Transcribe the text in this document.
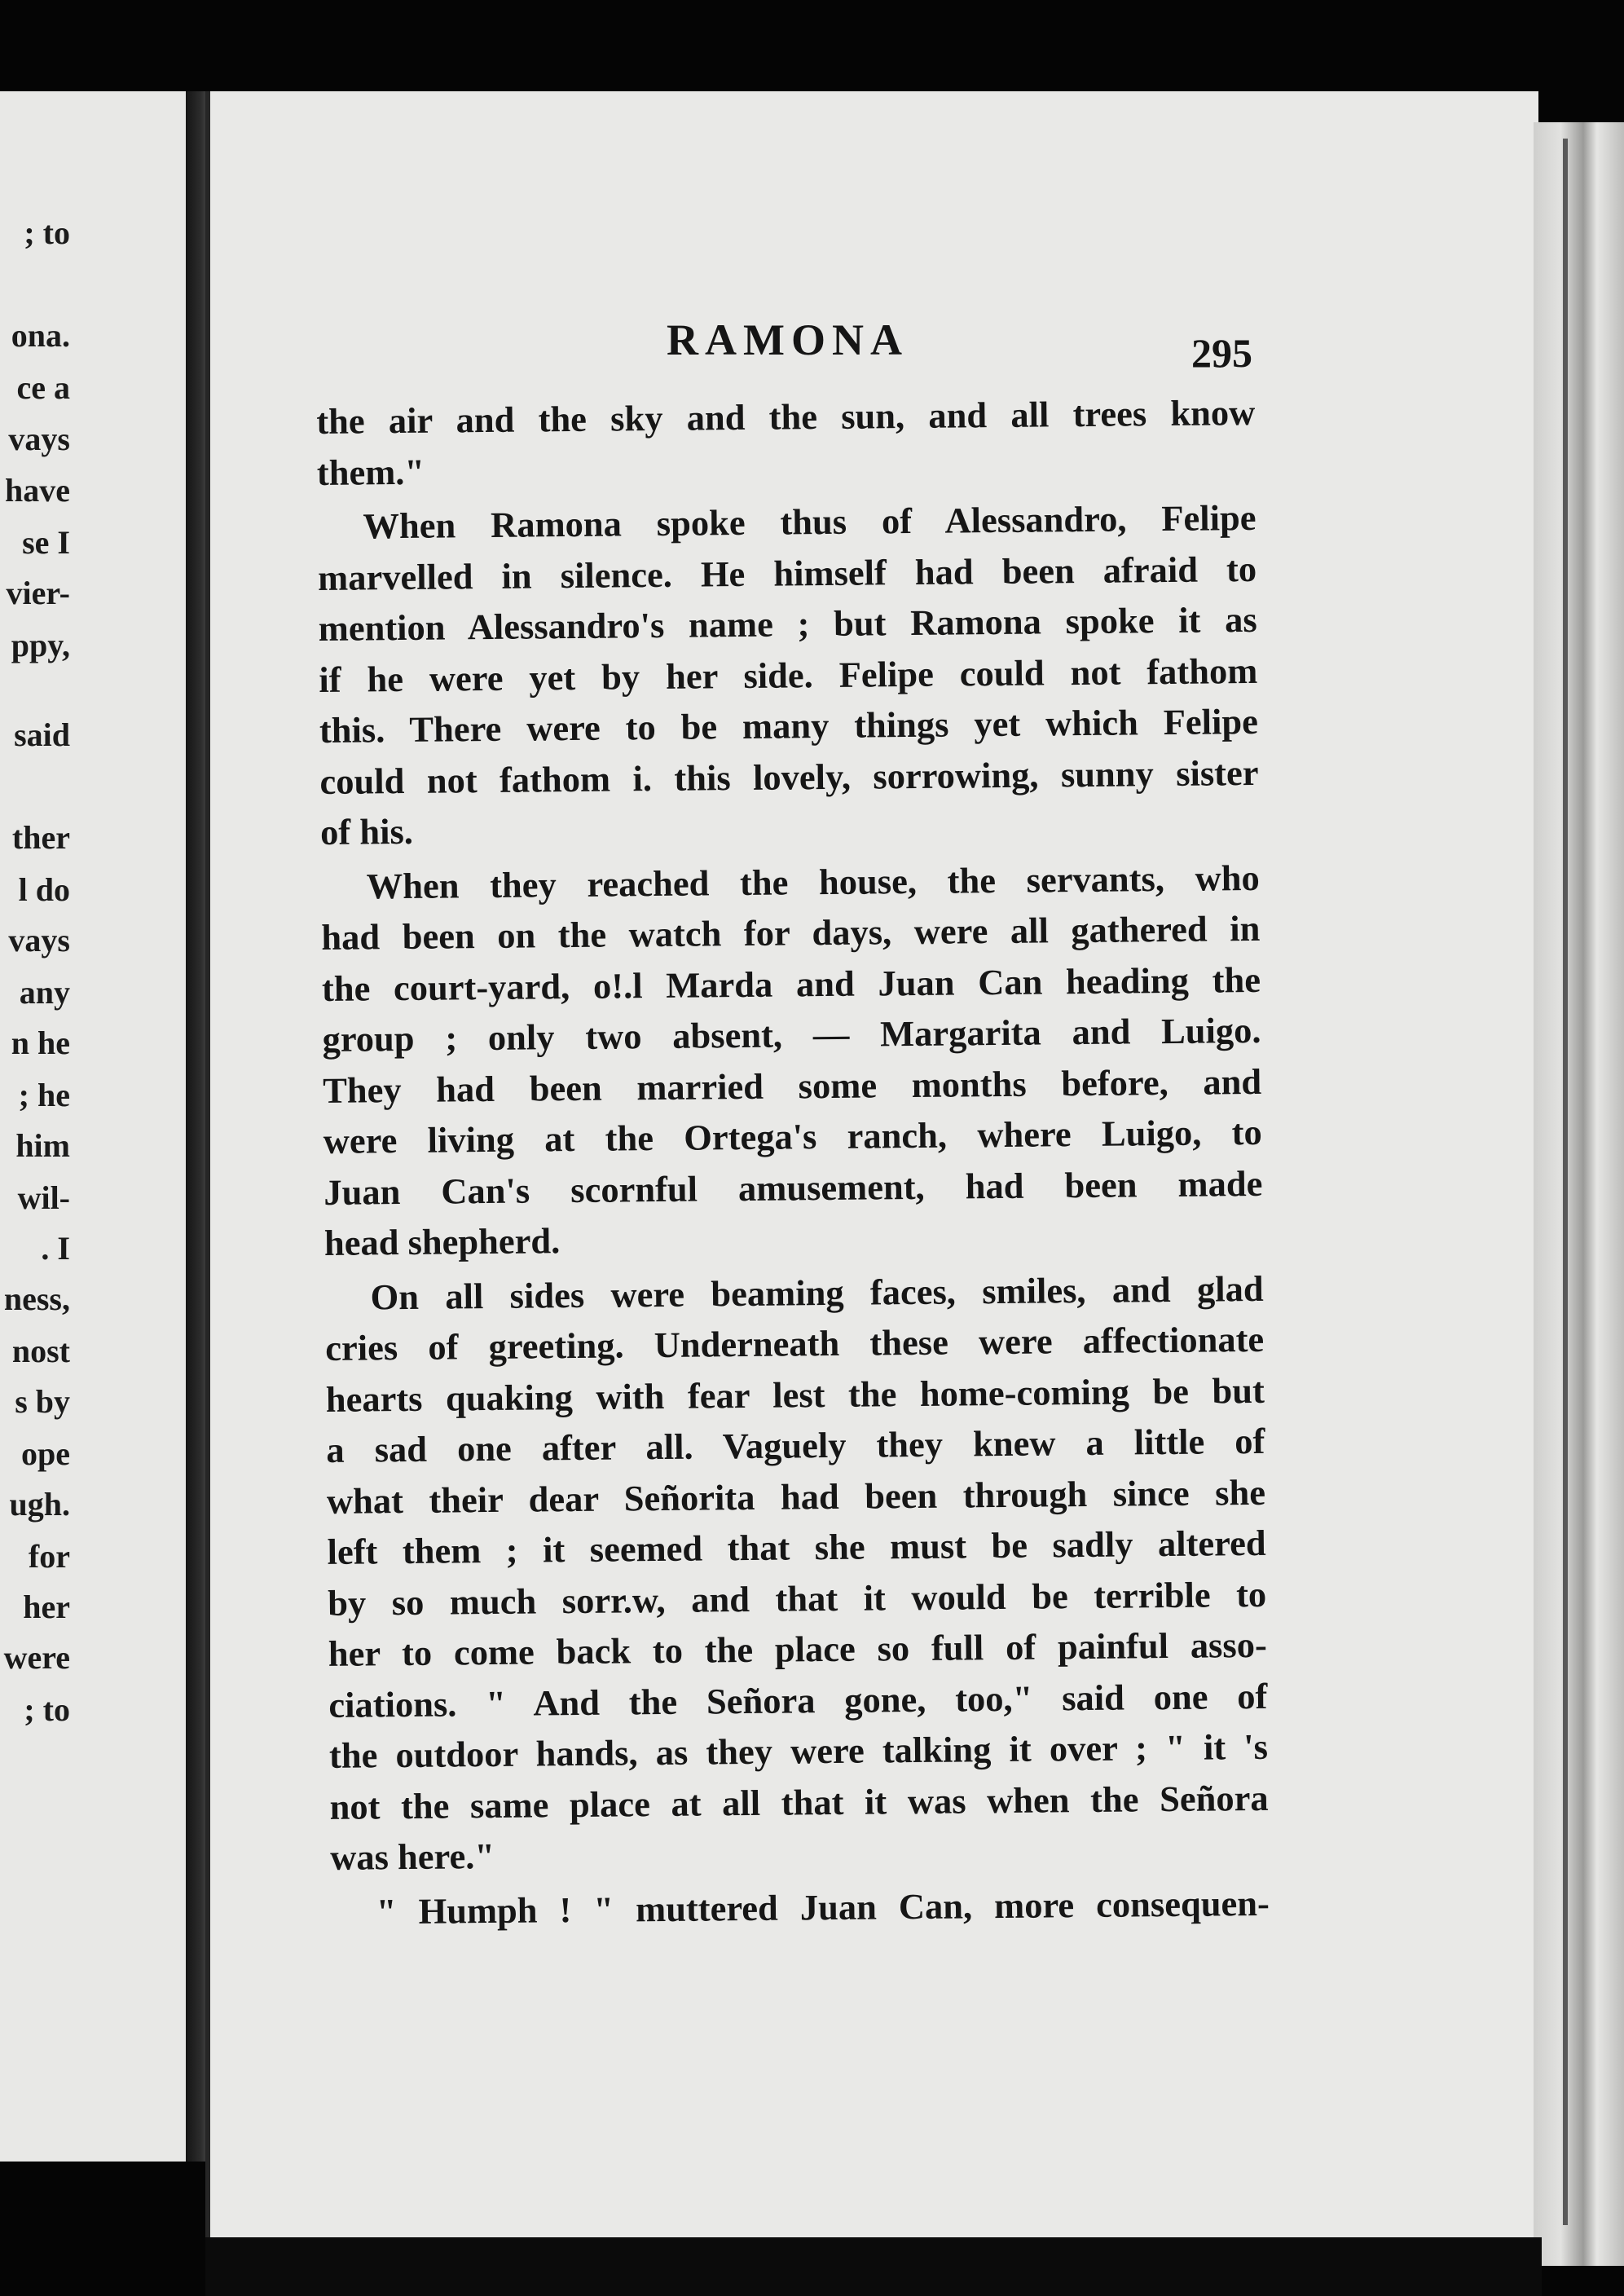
; to
ona.
ce a
vays
have
se I
vier-
ppy,
said
ther
l do
vays
any
n he
; he
him
wil-
. I
ness,
nost
s by
ope
ugh.
for
her
were
; to
RAMONA	295
the air and the sky and the sun, and all trees know
them."
When Ramona spoke thus of Alessandro, Felipe
marvelled in silence. He himself had been afraid to
mention Alessandro's name ; but Ramona spoke it as
if he were yet by her side. Felipe could not fathom
this. There were to be many things yet which Felipe
could not fathom i. this lovely, sorrowing, sunny sister
of his.
When they reached the house, the servants, who
had been on the watch for days, were all gathered in
the court-yard, o!.l Marda and Juan Can heading the
group ; only two absent, — Margarita and Luigo.
They had been married some months before, and
were living at the Ortega's ranch, where Luigo, to
Juan Can's scornful amusement, had been made
head shepherd.
On all sides were beaming faces, smiles, and glad
cries of greeting. Underneath these were affectionate
hearts quaking with fear lest the home-coming be but
a sad one after all. Vaguely they knew a little of
what their dear Señorita had been through since she
left them ; it seemed that she must be sadly altered
by so much sorr.w, and that it would be terrible to
her to come back to the place so full of painful asso-
ciations. " And the Señora gone, too," said one of
the outdoor hands, as they were talking it over ; " it 's
not the same place at all that it was when the Señora
was here."
" Humph ! " muttered Juan Can, more consequen-
